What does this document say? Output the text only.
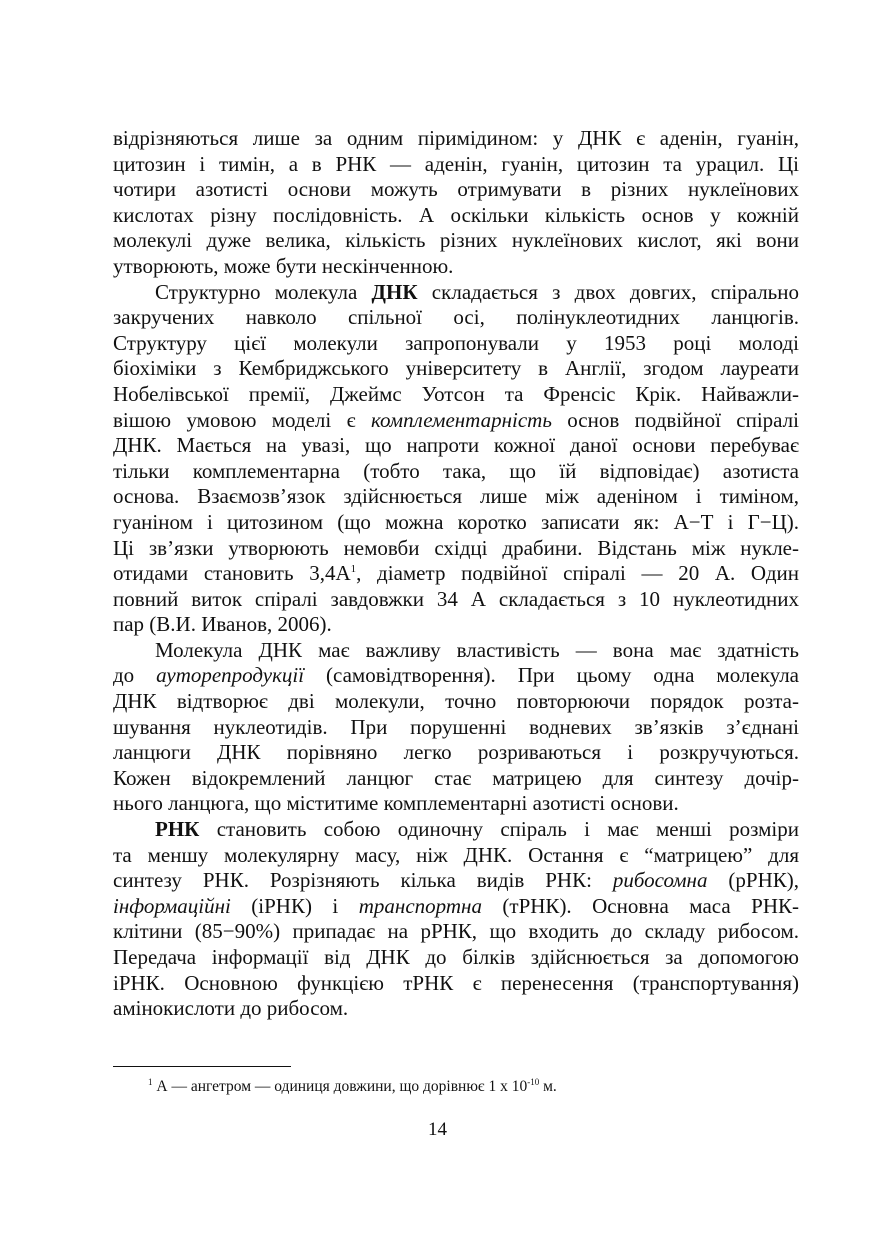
відрізняються лише за одним піримідином: у ДНК є аденін, гуанін,
цитозин і тимін, а в РНК — аденін, гуанін, цитозин та урацил. Ці
чотири азотисті основи можуть отримувати в різних нуклеїнових
кислотах різну послідовність. А оскільки кількість основ у кожній
молекулі дуже велика, кількість різних нуклеїнових кислот, які вони
утворюють, може бути нескінченною.
Структурно молекула ДНК складається з двох довгих, спірально
закручених навколо спільної осі, полінуклеотидних ланцюгів.
Структуру цієї молекули запропонували у 1953 році молоді
біохіміки з Кембриджського університету в Англії, згодом лауреати
Нобелівської премії, Джеймс Уотсон та Френсіс Крік. Найважли-
вішою умовою моделі є комплементарність основ подвійної спіралі
ДНК. Мається на увазі, що напроти кожної даної основи перебуває
тільки комплементарна (тобто така, що їй відповідає) азотиста
основа. Взаємозв’язок здійснюється лише між аденіном і тиміном,
гуаніном і цитозином (що можна коротко записати як: А−Т і Г−Ц).
Ці зв’язки утворюють немовби східці драбини. Відстань між нукле-
отидами становить $3,4А^1$, діаметр подвійної спіралі — 20 А. Один
повний виток спіралі завдовжки 34 А складається з 10 нуклеотидних
пар (В.И. Иванов, 2006).
Молекула ДНК має важливу властивість — вона має здатність
до ауторепродукції (самовідтворення). При цьому одна молекула
ДНК відтворює дві молекули, точно повторюючи порядок розта-
шування нуклеотидів. При порушенні водневих зв’язків з’єднані
ланцюги ДНК порівняно легко розриваються і розкручуються.
Кожен відокремлений ланцюг стає матрицею для синтезу дочір-
нього ланцюга, що міститиме комплементарні азотисті основи.
РНК становить собою одиночну спіраль і має менші розміри
та меншу молекулярну масу, ніж ДНК. Остання є “матрицею” для
синтезу РНК. Розрізняють кілька видів РНК: рибосомна (рРНК),
інформаційні (іРНК) і транспортна (тРНК). Основна маса РНК-
клітини (85−90%) припадає на рРНК, що входить до складу рибосом.
Передача інформації від ДНК до білків здійснюється за допомогою
іРНК. Основною функцією тРНК є перенесення (транспортування)
амінокислоти до рибосом.
$^1$ А — ангетром — одиниця довжини, що дорівнює 1 х $10^{-10}$ м.
14
